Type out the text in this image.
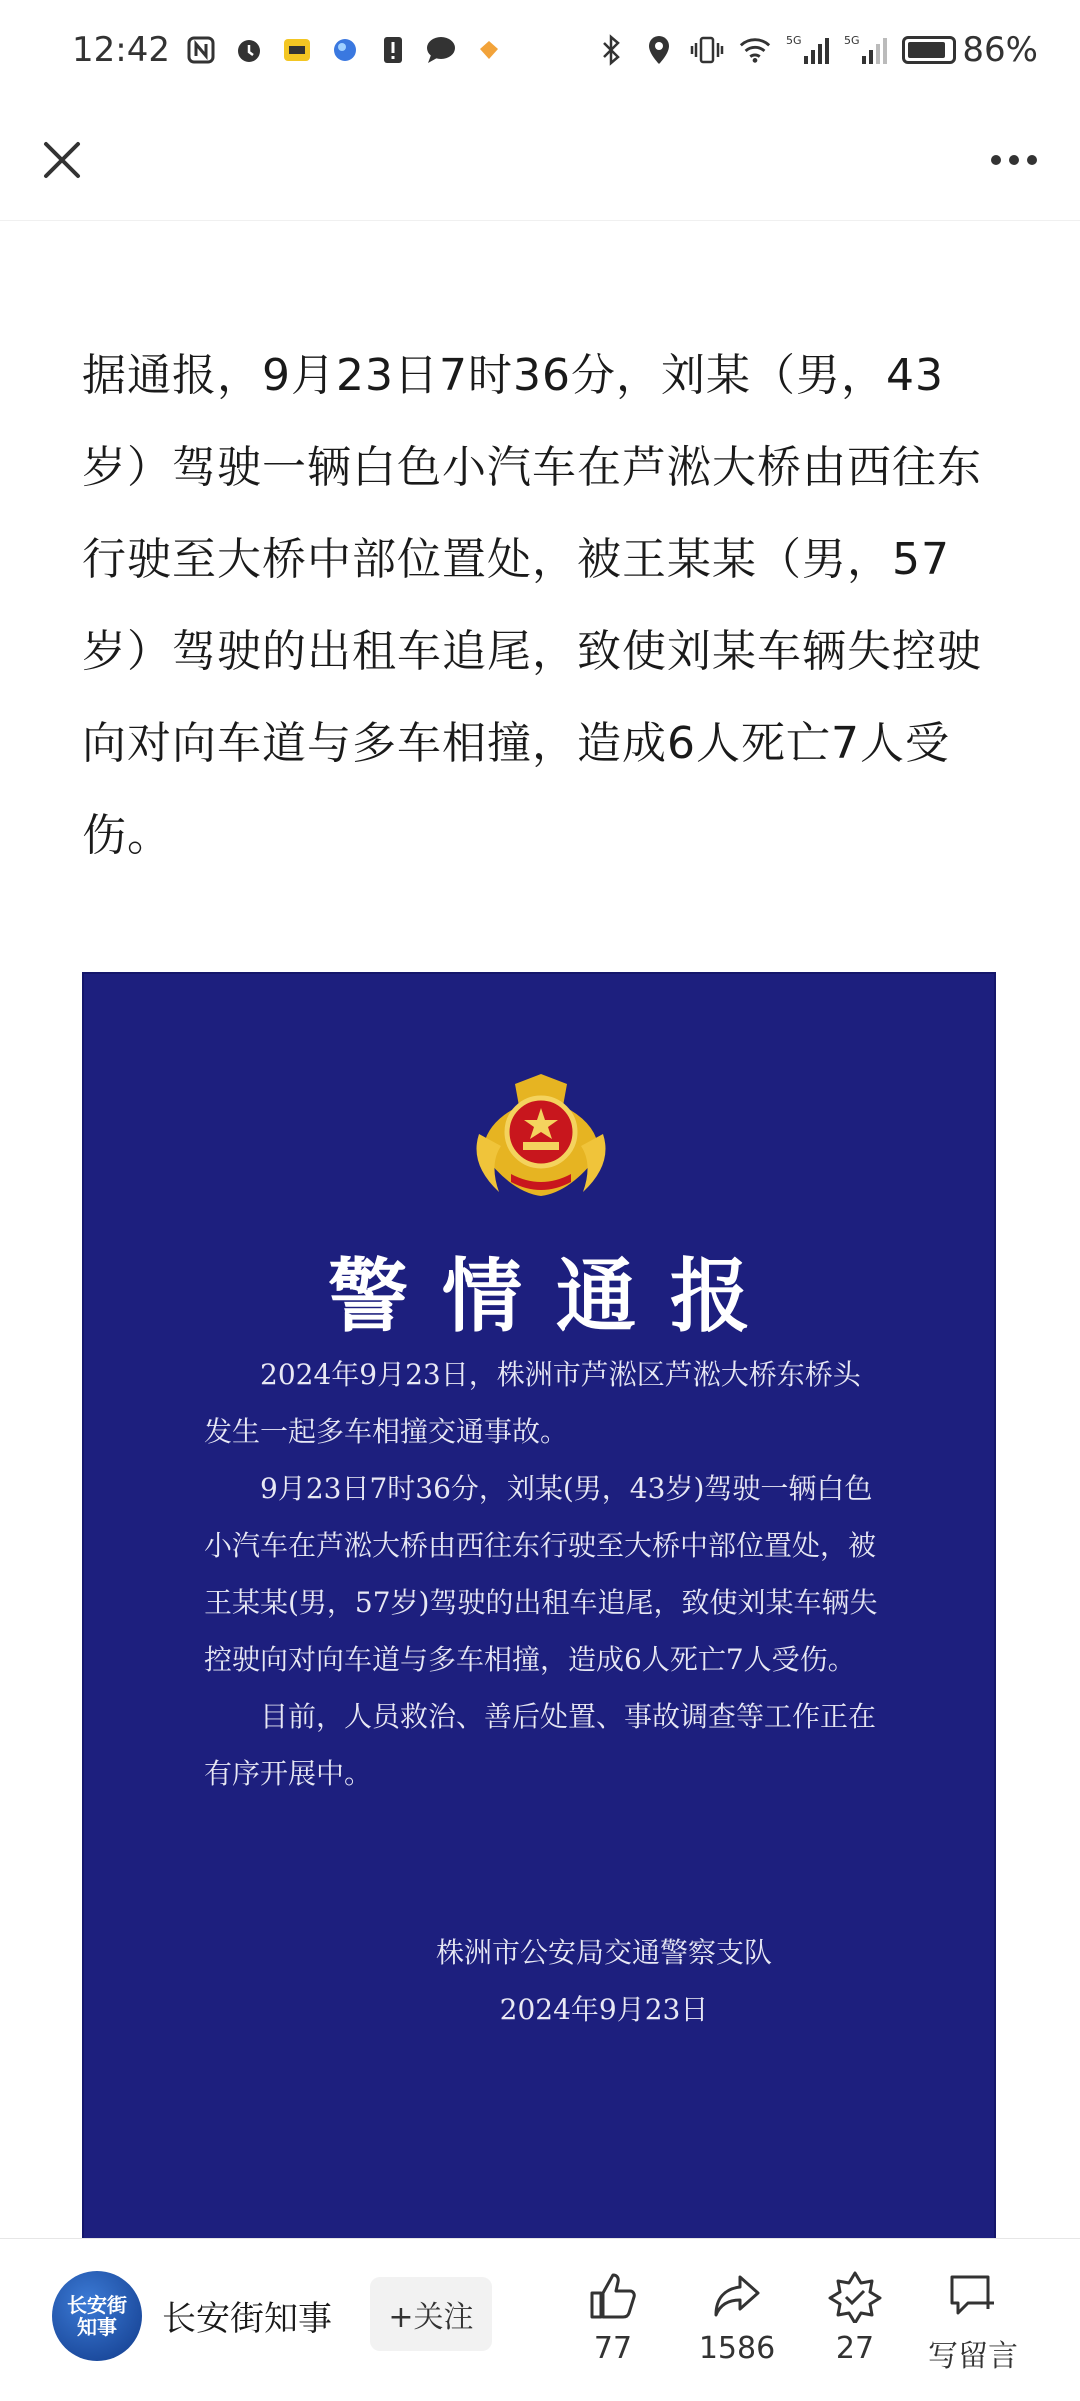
12:42	5G	5G	86%

据通报，9月23日7时36分，刘某（男，43岁）驾驶一辆白色小汽车在芦淞大桥由西往东行驶至大桥中部位置处，被王某某（男，57岁）驾驶的出租车追尾，致使刘某车辆失控驶向对向车道与多车相撞，造成6人死亡7人受伤。

警情通报

2024年9月23日，株洲市芦淞区芦淞大桥东桥头发生一起多车相撞交通事故。

9月23日7时36分，刘某(男，43岁)驾驶一辆白色小汽车在芦淞大桥由西往东行驶至大桥中部位置处，被王某某(男，57岁)驾驶的出租车追尾，致使刘某车辆失控驶向对向车道与多车相撞，造成6人死亡7人受伤。

目前，人员救治、善后处置、事故调查等工作正在有序开展中。

株洲市公安局交通警察支队
2024年9月23日
长安街
知事 长安街知事	+关注
77	1586	27	写留言
